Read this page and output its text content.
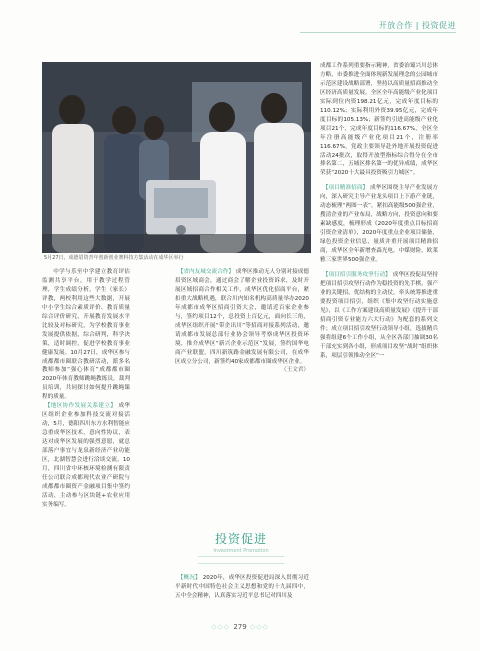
开放合作 | 投资促进
5月27日，成德眉资青年创新创业赛科技方集活动在成华区举行

中学与乐至中学建立教育评估监测共享平台，用于教学过程管理，学生成绩分析，学生（家长）评教，两校利用这些大数据，开展中小学生综合素质评价、教育质量综合评价研究，开展教育发展水平比较及对标研究，为学校教育事业发展提供依据，综合研判，科学决策，适时调控，促进学校教育事业健康发展。10月27日，成华区参与成都都市圈联合教研活动，派多名教师参加“强心体育”成都都市圈2020年体育教师跳绳教练员，裁判员培训，共同探讨如何提升跳绳课程的质量。

【地区协作发展关系建立】 成华区组织企业参加科技交流对接活动，5月，德阳四川东方水利智能应急重成华区技术，意向性协议，表达对成华区发展的强烈意愿，就总部落户事宜与龙泉新经济产业功能区，北湖智慧会进行洽谈交流。10月，四川省中环核环境检测有限责任公司联合成都现代农业产研院与成都都市圈资产金融项目集中签约活动，主动参与区块链+农业应用实务编写。

【省内友城交流合作】 成华区推动无人分别对接成德眉资区域商会，通过商会了解企业投资诉求，及时开展区域招商合作相关工作，成华区优化招商平台，紧扣重大战略机遇，联合川内知名机构高质量举办2020年成都市成华区招商引资大会，邀请近百家企业参与，签约项目12个，总投资上百亿元，面向长三角，成华区组织开展“带企出川”等招商对接系列活动，邀请成都市发展总部行业协会领导考察成华区投资环境，推介成华区“新兴企业示范区”发展，签约国华电商产业联盟，四川新筑路金融发展有限公司，在成华区成立分公司，新签约40家成都都市圈成华区企业。

（王文君）

投资促进
Investment Promotion

【概况】 2020年，成华区投资促进局深入贯彻习近平新时代中国特色社会主义思想和党的十九届四中，五中全会精神，认真落实习近平总书记对四川及

成都工作系列重要指示精神，省委治蜀兴川总体方略，市委推进全面体现新发展理念的公园城市示范区建设战略部署，坚持以高质量招商推动全区经济高质量发展。全区全年高能级产业化项目实际到位内资198.21亿元，完成年度目标的110.12%；实际利用外资39.95亿元，完成年度目标的105.13%；新签约引进高能级产业化项目21个，完成年度目标的116.67%，全区全年注册高能级产业化项目21个，注册率116.67%，党政主要领导赴外地开展投资促进活动24批次，取得开放型指标综合得分在全市排名第二，五城区排名第一的优异成绩，成华区荣获“2020十大最具投资吸引力城区”。

【项目精准招商】 成华区围绕主导产业发展方向，深入研究主导产业龙头项目上下游产业链，动态梳理“两图一表”，紧扣高能级500强企业，搜清企业的产业布局，战略方向，投资意向和要素缺感度，梳理形成《2020年度重点目标招商引资企业清单》，2020年度重点企业项目储备，绿色投资企业信息，量质并重开展项目精准招商，成华区全年新增查森光电，中煤财险，欧莱雅三家世界500强企业。

【项目招引服务攻坚行动】 成华区投促局坚持把项目招引攻坚行动作为稳投资的先手棋，强产业的关键招，优结构的主动仗，牵头统筹推进重要投资项目招引，组织《集中攻坚行动实施意见》，以《工作方案建设高质量发展》《提升干部招商引资专业能力六大行动》为配套的系列文件；成立项目招引攻坚行动领导小组，选拔精兵强将组建6个工作小组，从全区各部门抽调30名干部充实到各小组，形成项目攻坚“战时”组织体系，项层引领推动全区“一

◇◇◇ 279 ◇◇◇
